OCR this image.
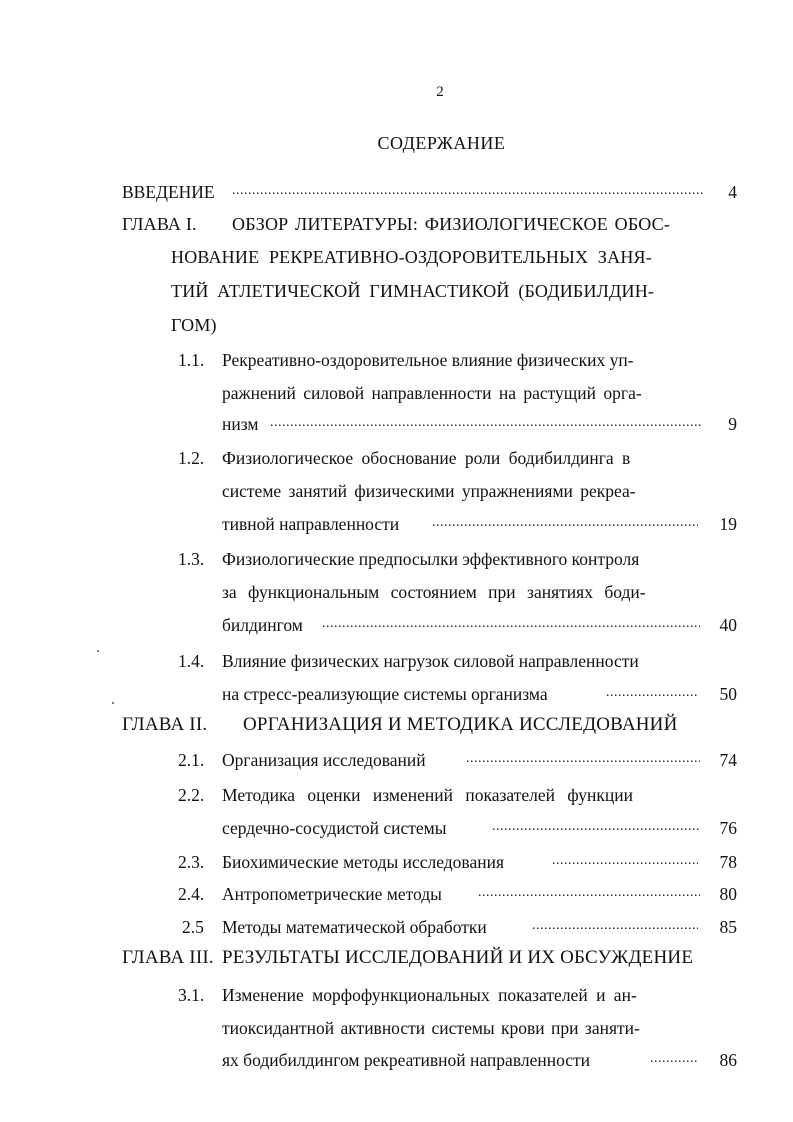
2
СОДЕРЖАНИЕ
ВВЕДЕНИЕ .....	4
ГЛАВА I. ОБЗОР ЛИТЕРАТУРЫ: ФИЗИОЛОГИЧЕСКОЕ ОБОС-
НОВАНИЕ РЕКРЕАТИВНО-ОЗДОРОВИТЕЛЬНЫХ ЗАНЯ-
ТИЙ АТЛЕТИЧЕСКОЙ ГИМНАСТИКОЙ (БОДИБИЛДИН-
ГОМ)
1.1. Рекреативно-оздоровительное влияние физических уп-
ражнений силовой направленности на растущий орга-
низм .....	9
1.2. Физиологическое обоснование роли бодибилдинга в
системе занятий физическими упражнениями рекреа-
тивной направленности .....	19
1.3. Физиологические предпосылки эффективного контроля
за функциональным состоянием при занятиях боди-
билдингом .....	40
1.4. Влияние физических нагрузок силовой направленности
на стресс-реализующие системы организма .....	50
ГЛАВА II. ОРГАНИЗАЦИЯ И МЕТОДИКА ИССЛЕДОВАНИЙ
2.1. Организация исследований .....	74
2.2. Методика оценки изменений показателей функции
сердечно-сосудистой системы .....	76
2.3. Биохимические методы исследования .....	78
2.4. Антропометрические методы .....	80
2.5 Методы математической обработки .....	85
ГЛАВА III. РЕЗУЛЬТАТЫ ИССЛЕДОВАНИЙ И ИХ ОБСУЖДЕНИЕ
3.1. Изменение морфофункциональных показателей и ан-
тиоксидантной активности системы крови при заняти-
ях бодибилдингом рекреативной направленности .....	86
